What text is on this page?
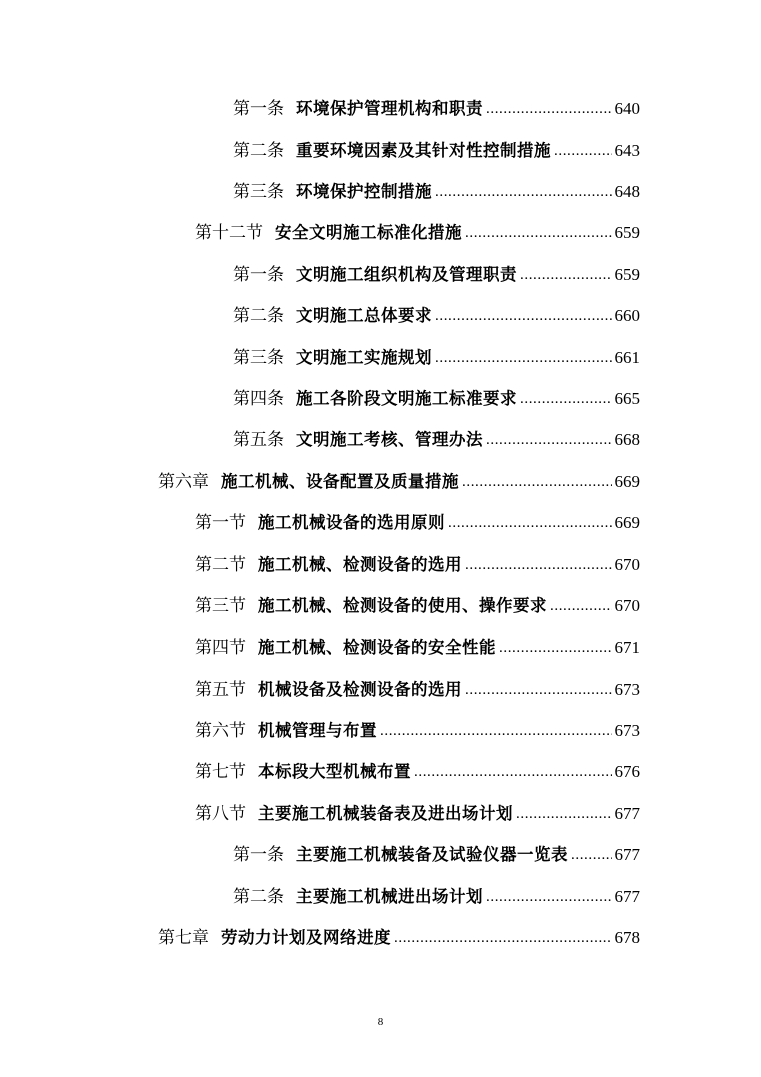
第一条 环境保护管理机构和职责 .....	640
第二条 重要环境因素及其针对性控制措施 .....	643
第三条 环境保护控制措施 .....	648
第十二节 安全文明施工标准化措施 .....	659
第一条 文明施工组织机构及管理职责 .....	659
第二条 文明施工总体要求 .....	660
第三条 文明施工实施规划 .....	661
第四条 施工各阶段文明施工标准要求 .....	665
第五条 文明施工考核、管理办法 .....	668
第六章 施工机械、设备配置及质量措施 .....	669
第一节 施工机械设备的选用原则 .....	669
第二节 施工机械、检测设备的选用 .....	670
第三节 施工机械、检测设备的使用、操作要求 .....	670
第四节 施工机械、检测设备的安全性能 .....	671
第五节 机械设备及检测设备的选用 .....	673
第六节 机械管理与布置 .....	673
第七节 本标段大型机械布置 .....	676
第八节 主要施工机械装备表及进出场计划 .....	677
第一条 主要施工机械装备及试验仪器一览表 .....	677
第二条 主要施工机械进出场计划 .....	677
第七章 劳动力计划及网络进度 .....	678
8
